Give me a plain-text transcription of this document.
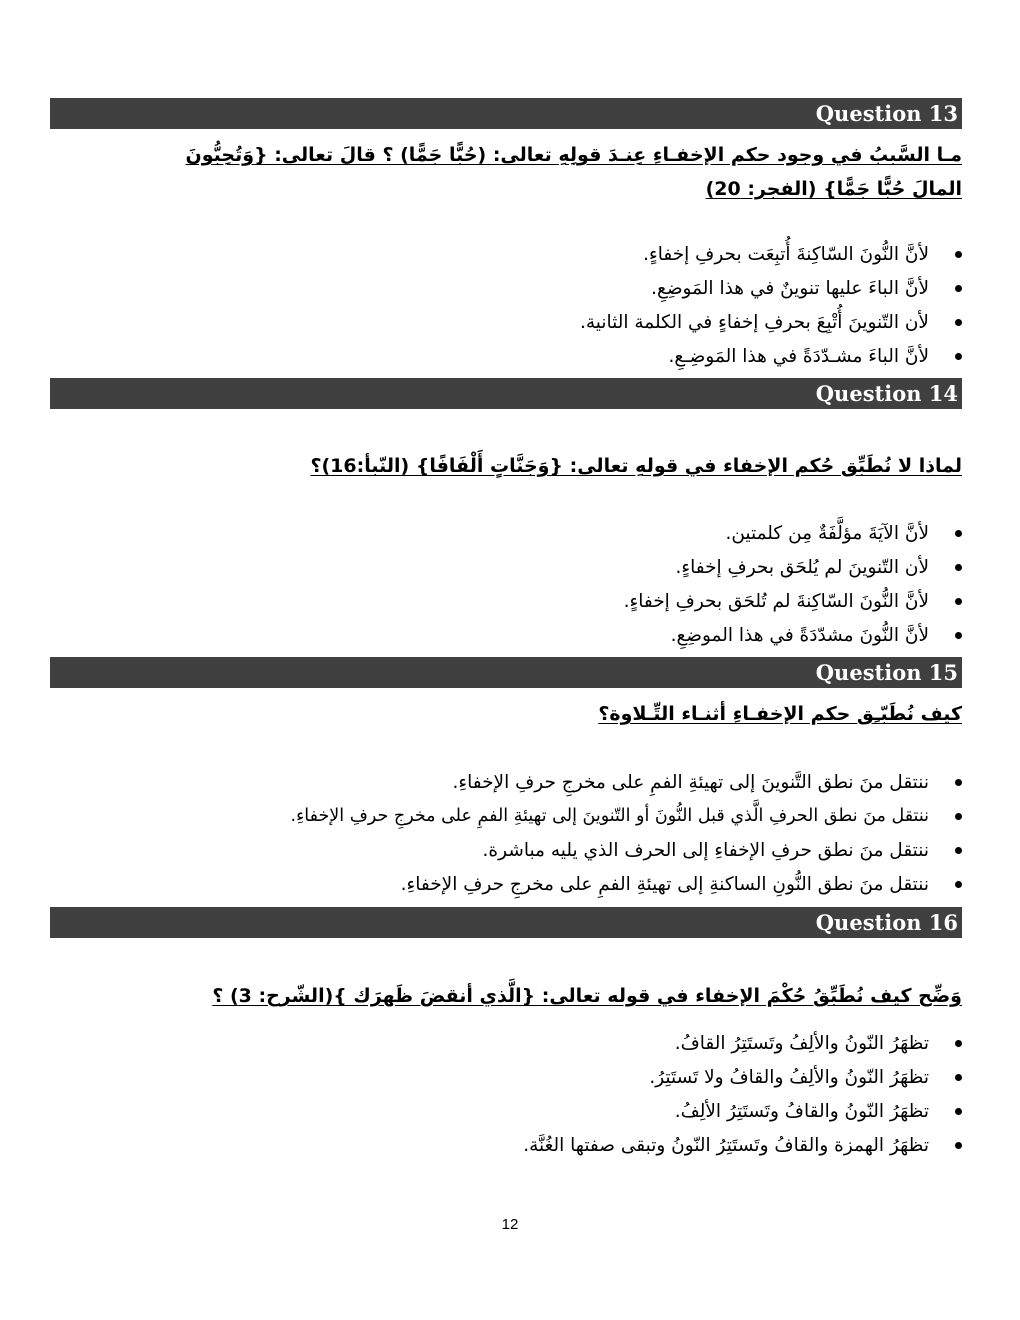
Question 13
مـا السَّببُ في وجود حكم الإخفـاءِ عِنـدَ قولِهِ تعالى: (حُبًّا جَمًّا) ؟ قالَ تعالى: {وَتُحِبُّونَ المالَ حُبًّا جَمًّا} (الفجر: 20)
لأنَّ النُّونَ السّاكِنةَ أُتبِعَت بحرفِ إخفاءٍ.
لأنَّ الباءَ عليها تنوينٌ في هذا المَوضِعِ.
لأن التّنوينَ أُتْبِعَ بحرفِ إخفاءٍ في الكلمة الثانية.
لأنَّ الباءَ مشـدّدَةً في هذا المَوضِـعِ.
Question 14
لماذا لا نُطَبِّق حُكم الإخفاء في قولهِ تعالى: {وَجَنَّاتٍ أَلْفَافًا} (النّبأ:16)؟
لأنَّ الآيَةَ مؤلَّفَةٌ مِن كلمتين.
لأن التّنوينَ لم يُلحَق بحرفِ إخفاءٍ.
لأنَّ النُّونَ السّاكِنةَ لم تُلحَق بحرفِ إخفاءٍ.
لأنَّ النُّونَ مشدّدَةً في هذا الموضِعِ.
Question 15
كيف نُطَبّـِق حكم الإخفـاءِ أثنـاء التِّـلاوة؟
ننتقل منَ نطق التَّنوينَ إلى تهيئةِ الفمِ على مخرجِ حرفِ الإخفاءِ.
ننتقل منَ نطق الحرفِ الَّذي قبل النُّونَ أو التّنوينَ إلى تهيئةِ الفمِ على مخرجِ حرفِ الإخفاءِ.
ننتقل منَ نطق حرفِ الإخفاءِ إلى الحرف الذي يليه مباشرة.
ننتقل منَ نطق النُّونِ الساكنةِ إلى تهيئةِ الفمِ على مخرجِ حرفِ الإخفاءِ.
Question 16
وَضِّح كيف نُطَبِّقُ حُكْمَ الإخفاء في قوله تعالى: {الَّذي أنقضَ ظَهرَك }(الشّرح: 3) ؟
تظهَرُ النّونُ والألِفُ وتَستَتِرُ القافُ.
تظهَرُ النّونُ والألِفُ والقافُ ولا تَستَتِرُ.
تظهَرُ النّونُ والقافُ وتَستَتِرُ الألِفُ.
تظهَرُ الهمزة والقافُ وتَستَتِرُ النّونُ وتبقى صفتها الغُنَّة.
12
